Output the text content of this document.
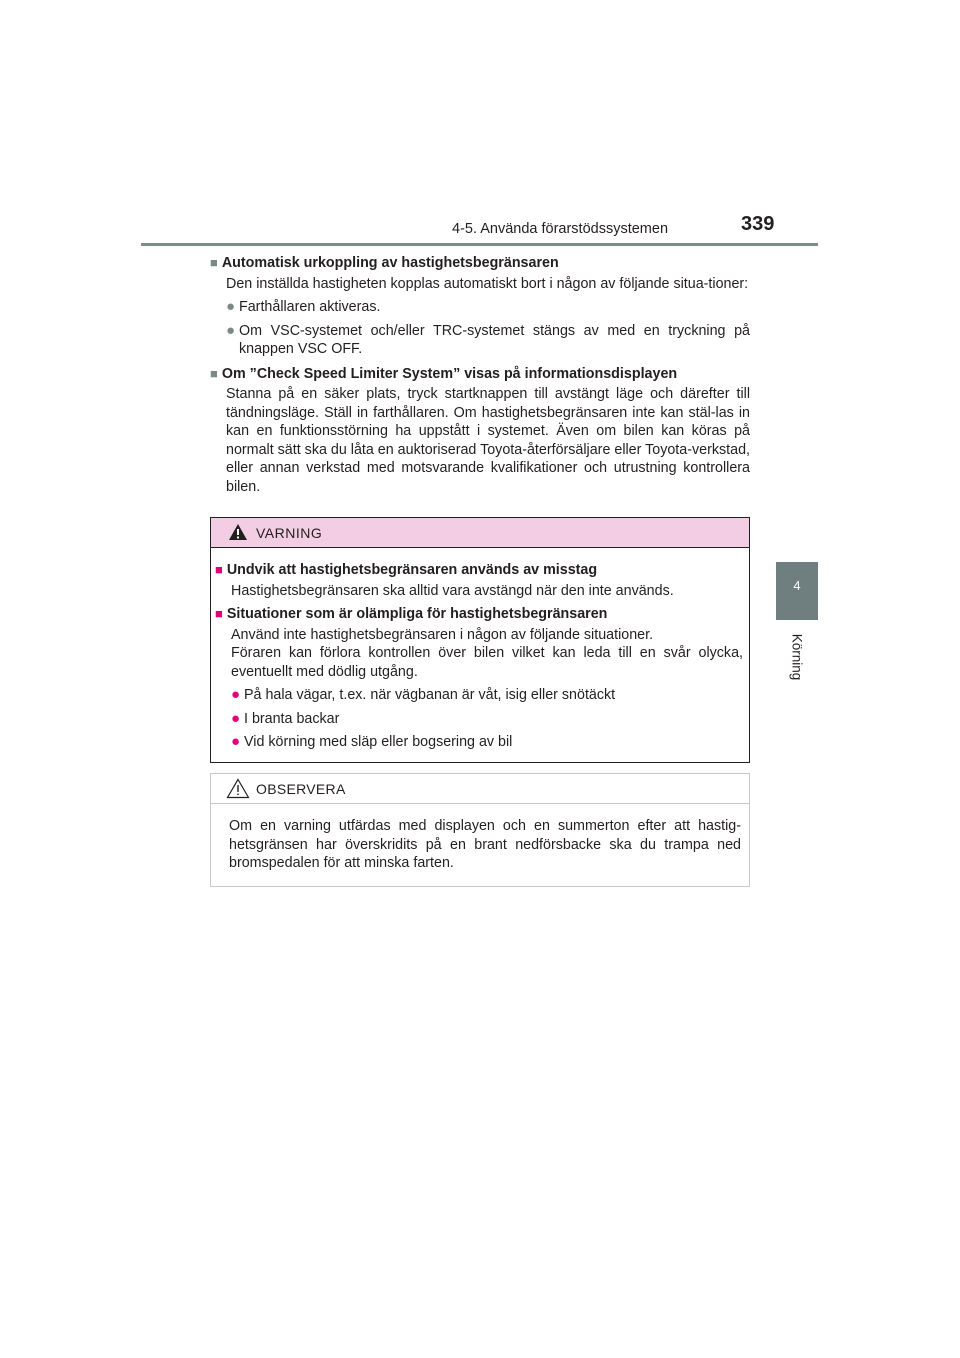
4-5. Använda förarstödssystemen	339
4
Körning
■ Automatisk urkoppling av hastighetsbegränsaren
Den inställda hastigheten kopplas automatiskt bort i någon av följande situa-tioner:
● Farthållaren aktiveras.
● Om VSC-systemet och/eller TRC-systemet stängs av med en tryckning på knappen VSC OFF.
■ Om ”Check Speed Limiter System” visas på informationsdisplayen
Stanna på en säker plats, tryck startknappen till avstängt läge och därefter till tändningsläge. Ställ in farthållaren. Om hastighetsbegränsaren inte kan stäl-las in kan en funktionsstörning ha uppstått i systemet. Även om bilen kan köras på normalt sätt ska du låta en auktoriserad Toyota-återförsäljare eller Toyota-verkstad, eller annan verkstad med motsvarande kvalifikationer och utrustning kontrollera bilen.
VARNING
■ Undvik att hastighetsbegränsaren används av misstag
Hastighetsbegränsaren ska alltid vara avstängd när den inte används.
■ Situationer som är olämpliga för hastighetsbegränsaren
Använd inte hastighetsbegränsaren i någon av följande situationer.
Föraren kan förlora kontrollen över bilen vilket kan leda till en svår olycka, eventuellt med dödlig utgång.
● På hala vägar, t.ex. när vägbanan är våt, isig eller snötäckt
● I branta backar
● Vid körning med släp eller bogsering av bil
OBSERVERA
Om en varning utfärdas med displayen och en summerton efter att hastig-hetsgränsen har överskridits på en brant nedförsbacke ska du trampa ned bromspedalen för att minska farten.
